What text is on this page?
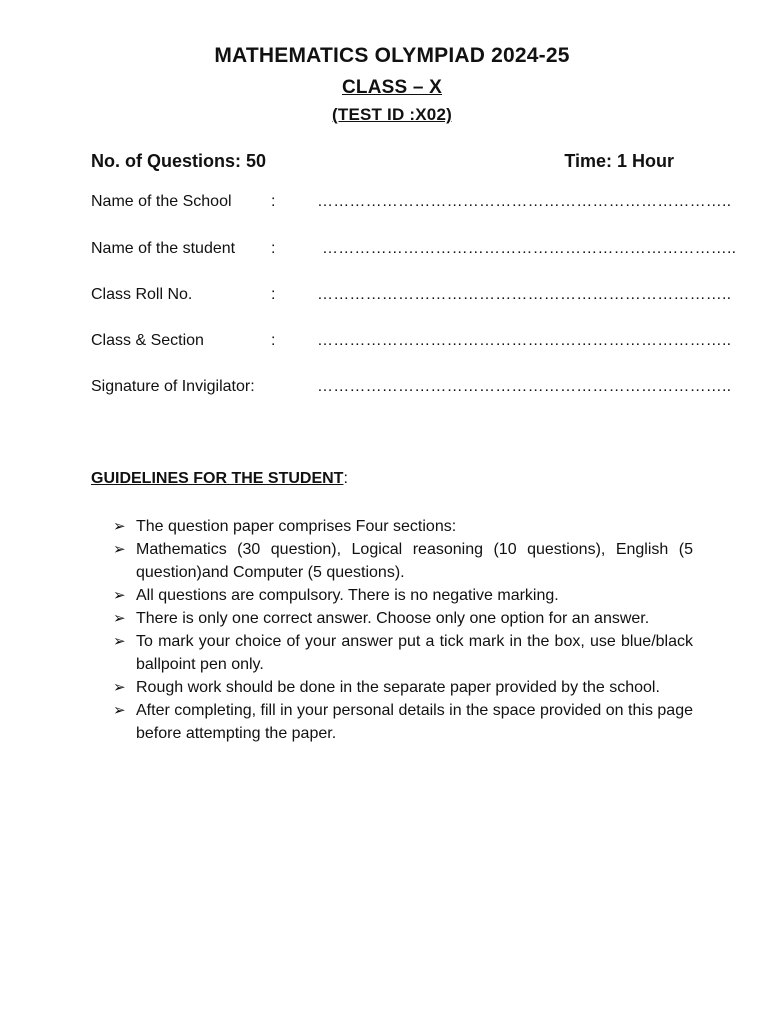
MATHEMATICS OLYMPIAD 2024-25
CLASS – X
(TEST ID :X02)
No. of Questions: 50	Time: 1 Hour
Name of the School :	…………………………………………………………………..
Name of the student :	…………………………………………………………………..
Class Roll No.	:	…………………………………………………………………..
Class & Section	:	…………………………………………………………………..
Signature of Invigilator:	…………………………………………………………………..
GUIDELINES FOR THE STUDENT:
➢ The question paper comprises Four sections:
➢ Mathematics (30 question), Logical reasoning (10 questions), English (5 question)and Computer (5 questions).
➢ All questions are compulsory. There is no negative marking.
➢ There is only one correct answer. Choose only one option for an answer.
➢ To mark your choice of your answer put a tick mark in the box, use blue/black ballpoint pen only.
➢ Rough work should be done in the separate paper provided by the school.
➢ After completing, fill in your personal details in the space provided on this page before attempting the paper.
